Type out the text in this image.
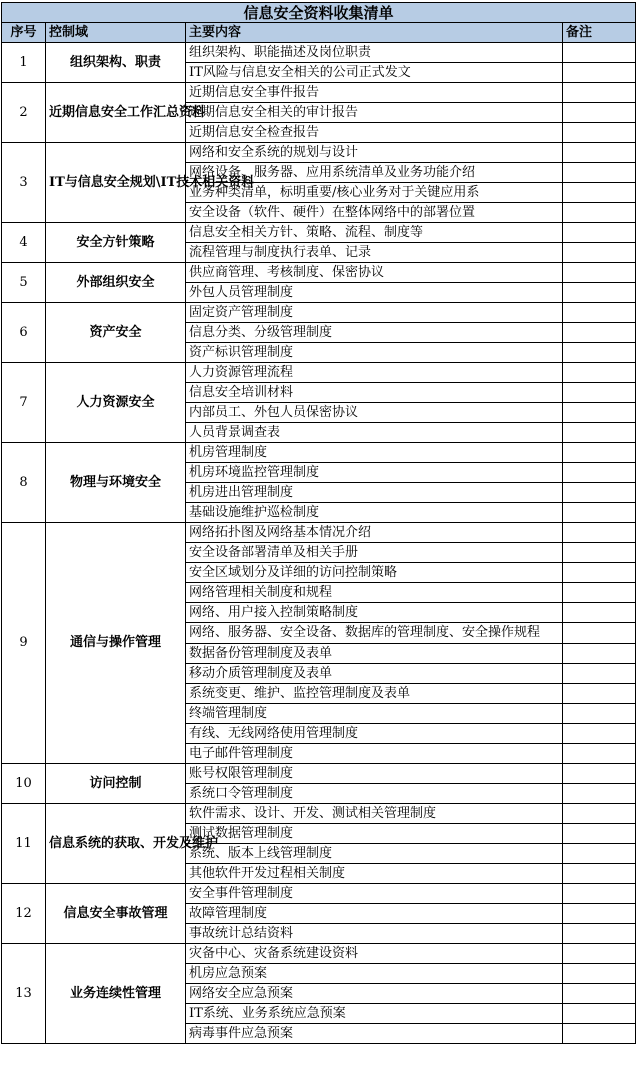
信息安全资料收集清单			
序号	控制域	主要内容	备注
1	组织架构、职责	组织架构、职能描述及岗位职责	
		IT风险与信息安全相关的公司正式发文	
2	近期信息安全工作汇总资料	近期信息安全事件报告	
		近期信息安全相关的审计报告	
		近期信息安全检查报告	
3	IT与信息安全规划\IT技术相关资料	网络和安全系统的规划与设计	
		网络设备、服务器、应用系统清单及业务功能介绍	
		业务种类清单，标明重要/核心业务对于关键应用系	
		安全设备（软件、硬件）在整体网络中的部署位置	
4	安全方针策略	信息安全相关方针、策略、流程、制度等	
		流程管理与制度执行表单、记录	
5	外部组织安全	供应商管理、考核制度、保密协议	
		外包人员管理制度	
6	资产安全	固定资产管理制度	
		信息分类、分级管理制度	
		资产标识管理制度	
7	人力资源安全	人力资源管理流程	
		信息安全培训材料	
		内部员工、外包人员保密协议	
		人员背景调查表	
8	物理与环境安全	机房管理制度	
		机房环境监控管理制度	
		机房进出管理制度	
		基础设施维护巡检制度	
9	通信与操作管理	网络拓扑图及网络基本情况介绍	
		安全设备部署清单及相关手册	
		安全区域划分及详细的访问控制策略	
		网络管理相关制度和规程	
		网络、用户接入控制策略制度	
		网络、服务器、安全设备、数据库的管理制度、安全操作规程	
		数据备份管理制度及表单	
		移动介质管理制度及表单	
		系统变更、维护、监控管理制度及表单	
		终端管理制度	
		有线、无线网络使用管理制度	
		电子邮件管理制度	
10	访问控制	账号权限管理制度	
		系统口令管理制度	
11	信息系统的获取、开发及维护	软件需求、设计、开发、测试相关管理制度	
		测试数据管理制度	
		系统、版本上线管理制度	
		其他软件开发过程相关制度	
12	信息安全事故管理	安全事件管理制度	
		故障管理制度	
		事故统计总结资料	
13	业务连续性管理	灾备中心、灾备系统建设资料	
		机房应急预案	
		网络安全应急预案	
		IT系统、业务系统应急预案	
		病毒事件应急预案	
